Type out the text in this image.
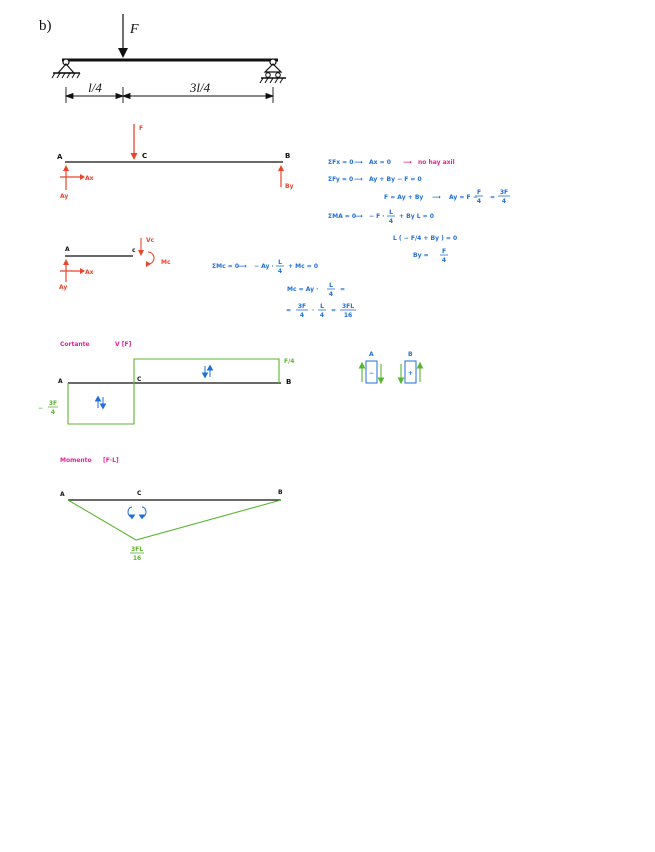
b)	F
l/4	3l/4
A	C	B
F
Ax
Ay
By
ΣFx = 0 ⟶ Ax = 0 ⟶ no hay axil
ΣFy = 0 ⟶ Ay + By − F = 0
F = Ay + By ⟶ Ay = F −
F
4
=
3F
4
ΣMA = 0
⟶ − F ·
L
4
+ By L = 0
L ( − F/4 + By ) = 0
By =
F
4
A	c
Vc
Mc
Ax
Ay
ΣMc = 0
⟶ − Ay ·
L
4
+ Mc = 0
Mc = Ay ·
L
4
=
=
3F
4
·
L
4
=
3FL
16
Cortante	V [F]
A	C	B
F/4
−
3F
4
A
−
B
+
Momento [F·L]
A	C	B
3FL
16
